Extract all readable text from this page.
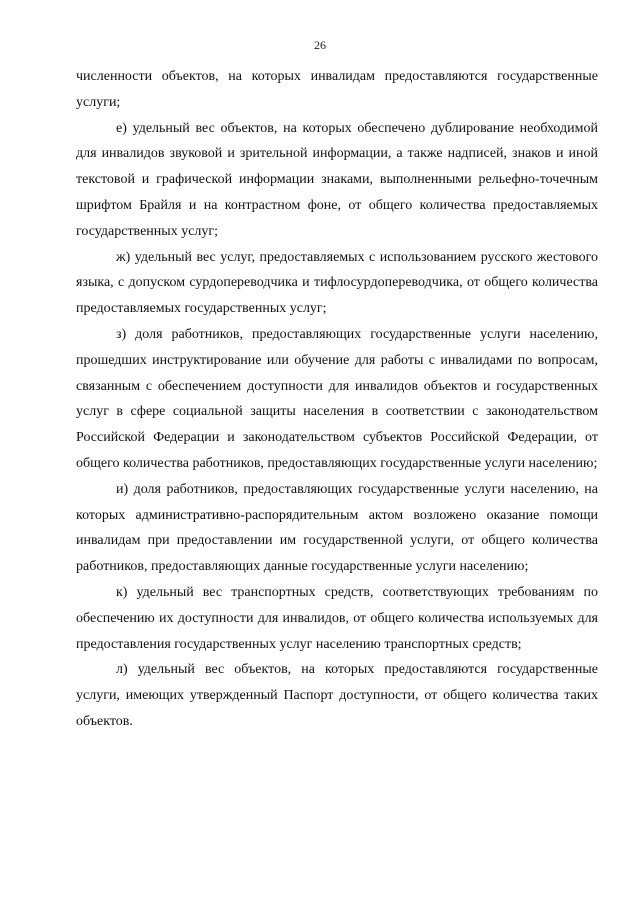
26

численности объектов, на которых инвалидам предоставляются государственные услуги;

е) удельный вес объектов, на которых обеспечено дублирование необходимой для инвалидов звуковой и зрительной информации, а также надписей, знаков и иной текстовой и графической информации знаками, выполненными рельефно-точечным шрифтом Брайля и на контрастном фоне, от общего количества предоставляемых государственных услуг;

ж) удельный вес услуг, предоставляемых с использованием русского жестового языка, с допуском сурдопереводчика и тифлосурдопереводчика, от общего количества предоставляемых государственных услуг;

з) доля работников, предоставляющих государственные услуги населению, прошедших инструктирование или обучение для работы с инвалидами по вопросам, связанным с обеспечением доступности для инвалидов объектов и государственных услуг в сфере социальной защиты населения в соответствии с законодательством Российской Федерации и законодательством субъектов Российской Федерации, от общего количества работников, предоставляющих государственные услуги населению;

и) доля работников, предоставляющих государственные услуги населению, на которых административно-распорядительным актом возложено оказание помощи инвалидам при предоставлении им государственной услуги, от общего количества работников, предоставляющих данные государственные услуги населению;

к) удельный вес транспортных средств, соответствующих требованиям по обеспечению их доступности для инвалидов, от общего количества используемых для предоставления государственных услуг населению транспортных средств;

л) удельный вес объектов, на которых предоставляются государственные услуги, имеющих утвержденный Паспорт доступности, от общего количества таких объектов.
